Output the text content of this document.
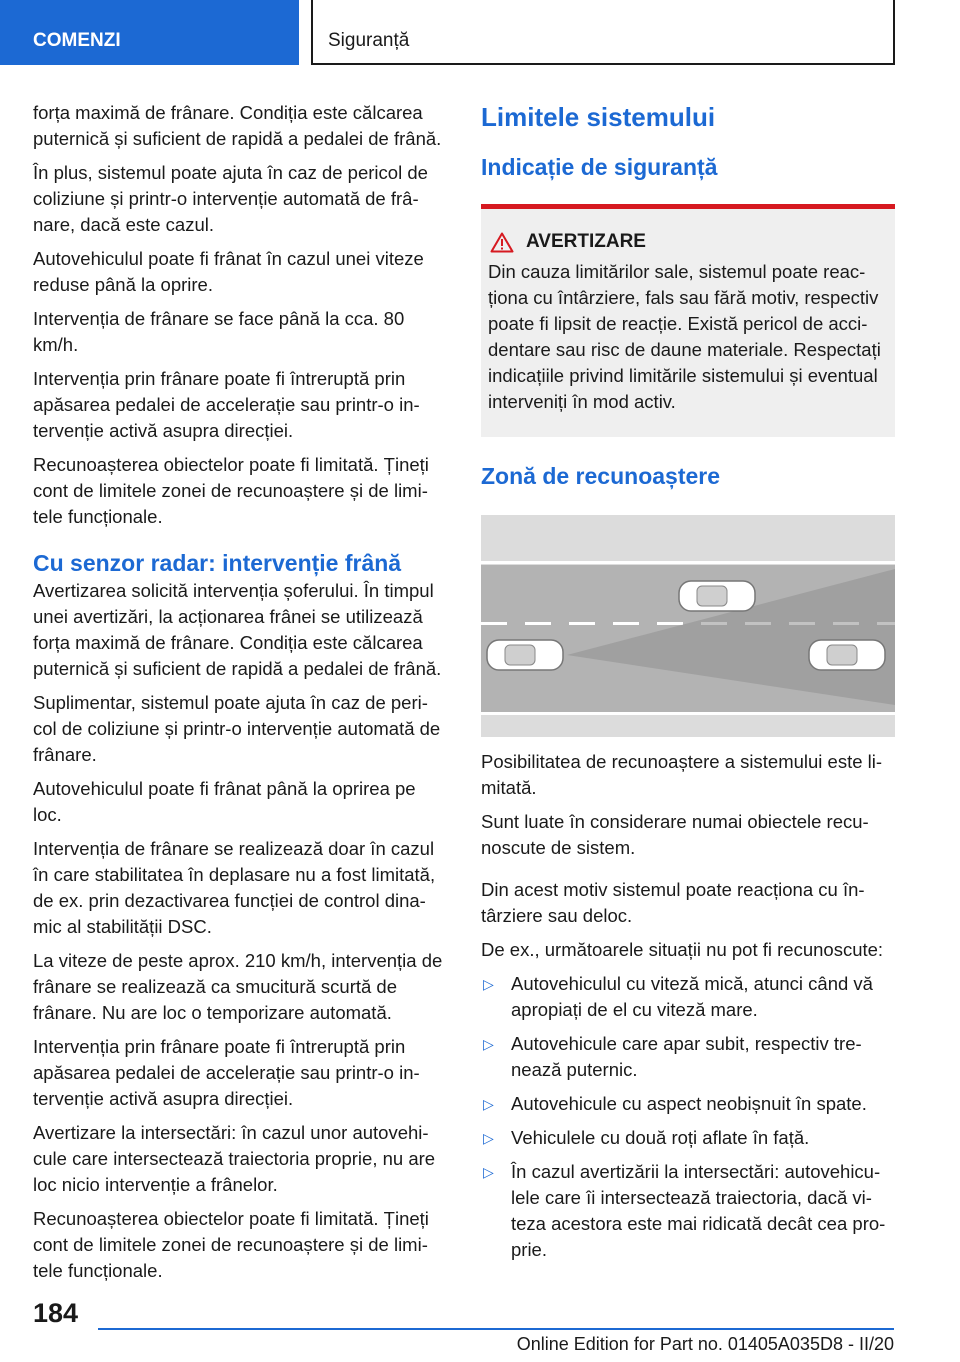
COMENZI	Siguranță

forța maximă de frânare. Condiția este călcarea puternică și suficient de rapidă a pedalei de frână.

În plus, sistemul poate ajuta în caz de pericol de coliziune și printr-o intervenție automată de frâ-nare, dacă este cazul.

Autovehiculul poate fi frânat în cazul unei viteze reduse până la oprire.

Intervenția de frânare se face până la cca. 80 km/h.

Intervenția prin frânare poate fi întreruptă prin apăsarea pedalei de accelerație sau printr-o in-tervenție activă asupra direcției.

Recunoașterea obiectelor poate fi limitată. Țineți cont de limitele zonei de recunoaștere și de limi-tele funcționale.

Cu senzor radar: intervenție frână

Avertizarea solicită intervenția șoferului. În timpul unei avertizări, la acționarea frânei se utilizează forța maximă de frânare. Condiția este călcarea puternică și suficient de rapidă a pedalei de frână.

Suplimentar, sistemul poate ajuta în caz de peri-col de coliziune și printr-o intervenție automată de frânare.

Autovehiculul poate fi frânat până la oprirea pe loc.

Intervenția de frânare se realizează doar în cazul în care stabilitatea în deplasare nu a fost limitată, de ex. prin dezactivarea funcției de control dina-mic al stabilității DSC.

La viteze de peste aprox. 210 km/h, intervenția de frânare se realizează ca smucitură scurtă de frânare. Nu are loc o temporizare automată.

Intervenția prin frânare poate fi întreruptă prin apăsarea pedalei de accelerație sau printr-o in-tervenție activă asupra direcției.

Avertizare la intersectări: în cazul unor autovehi-cule care intersectează traiectoria proprie, nu are loc nicio intervenție a frânelor.

Recunoașterea obiectelor poate fi limitată. Țineți cont de limitele zonei de recunoaștere și de limi-tele funcționale.

Limitele sistemului
Indicație de siguranță
AVERTIZARE

Din cauza limitărilor sale, sistemul poate reac-ționa cu întârziere, fals sau fără motiv, respectiv poate fi lipsit de reacție. Există pericol de acci-dentare sau risc de daune materiale. Respectați indicațiile privind limitările sistemului și eventual interveniți în mod activ.

Zonă de recunoaștere

Posibilitatea de recunoaștere a sistemului este li-mitată.

Sunt luate în considerare numai obiectele recu-noscute de sistem.

Din acest motiv sistemul poate reacționa cu în-târziere sau deloc.

De ex., următoarele situații nu pot fi recunoscute:

▷ Autovehiculul cu viteză mică, atunci când vă apropiați de el cu viteză mare.
▷ Autovehicule care apar subit, respectiv tre-nează puternic.
▷ Autovehicule cu aspect neobișnuit în spate.
▷ Vehiculele cu două roți aflate în față.
▷ În cazul avertizării la intersectări: autovehicu-lele care îi intersectează traiectoria, dacă vi-teza acestora este mai ridicată decât cea pro-prie.
184
Online Edition for Part no. 01405A035D8 - II/20
